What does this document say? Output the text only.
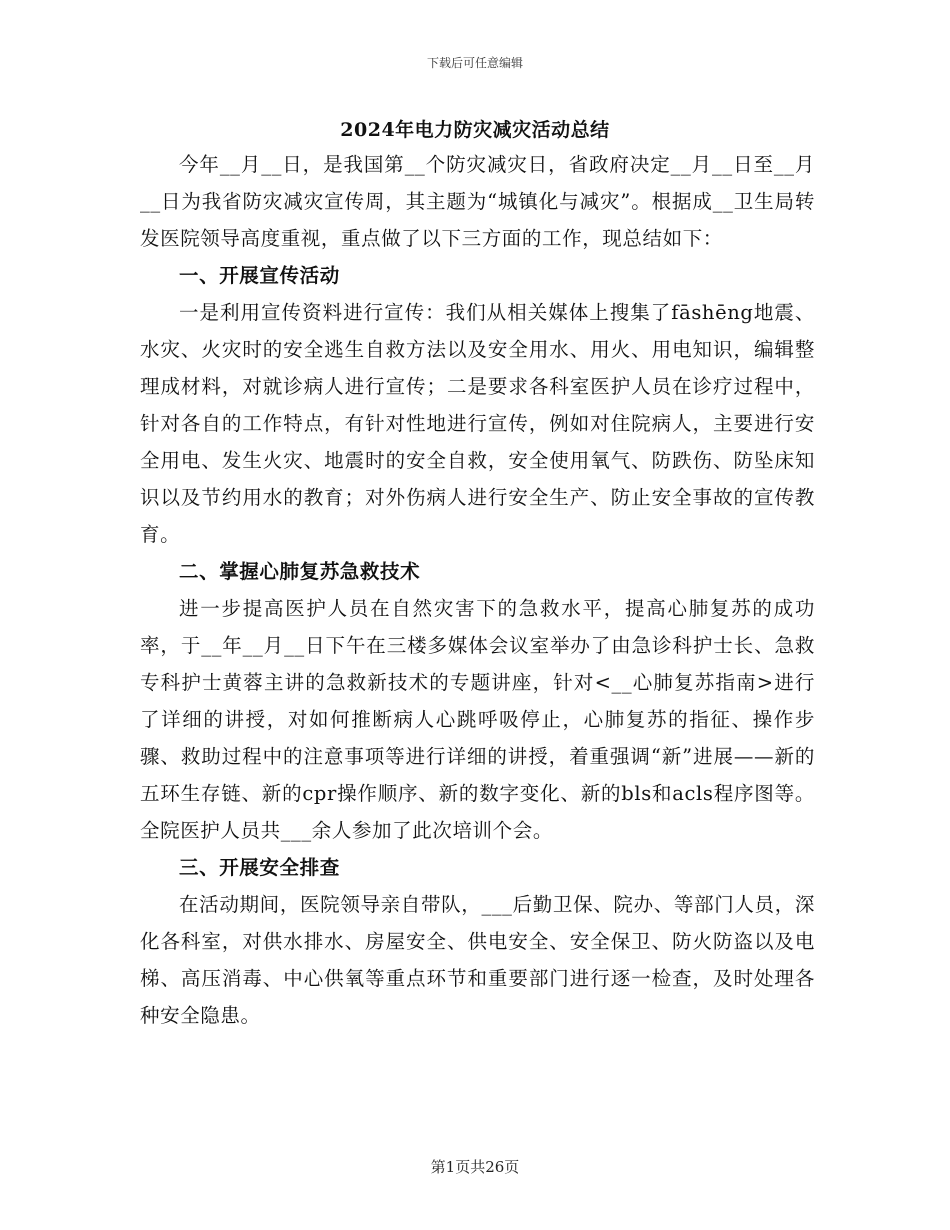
下载后可任意编辑
2024年电力防灾减灾活动总结

今年__月__日，是我国第__个防灾减灾日，省政府决定__月__日至__月__日为我省防灾减灾宣传周，其主题为“城镇化与减灾”。根据成__卫生局转发医院领导高度重视，重点做了以下三方面的工作，现总结如下：

一、开展宣传活动

一是利用宣传资料进行宣传：我们从相关媒体上搜集了fāshēng地震、水灾、火灾时的安全逃生自救方法以及安全用水、用火、用电知识，编辑整理成材料，对就诊病人进行宣传；二是要求各科室医护人员在诊疗过程中，针对各自的工作特点，有针对性地进行宣传，例如对住院病人，主要进行安全用电、发生火灾、地震时的安全自救，安全使用氧气、防跌伤、防坠床知识以及节约用水的教育；对外伤病人进行安全生产、防止安全事故的宣传教育。

二、掌握心肺复苏急救技术

进一步提高医护人员在自然灾害下的急救水平，提高心肺复苏的成功率，于__年__月__日下午在三楼多媒体会议室举办了由急诊科护士长、急救专科护士黄蓉主讲的急救新技术的专题讲座，针对<__心肺复苏指南>进行了详细的讲授，对如何推断病人心跳呼吸停止，心肺复苏的指征、操作步骤、救助过程中的注意事项等进行详细的讲授，着重强调“新”进展——新的五环生存链、新的cpr操作顺序、新的数字变化、新的bls和acls程序图等。全院医护人员共___余人参加了此次培训个会。

三、开展安全排查

在活动期间，医院领导亲自带队，___后勤卫保、院办、等部门人员，深化各科室，对供水排水、房屋安全、供电安全、安全保卫、防火防盗以及电梯、高压消毒、中心供氧等重点环节和重要部门进行逐一检查，及时处理各种安全隐患。

第1页共26页
